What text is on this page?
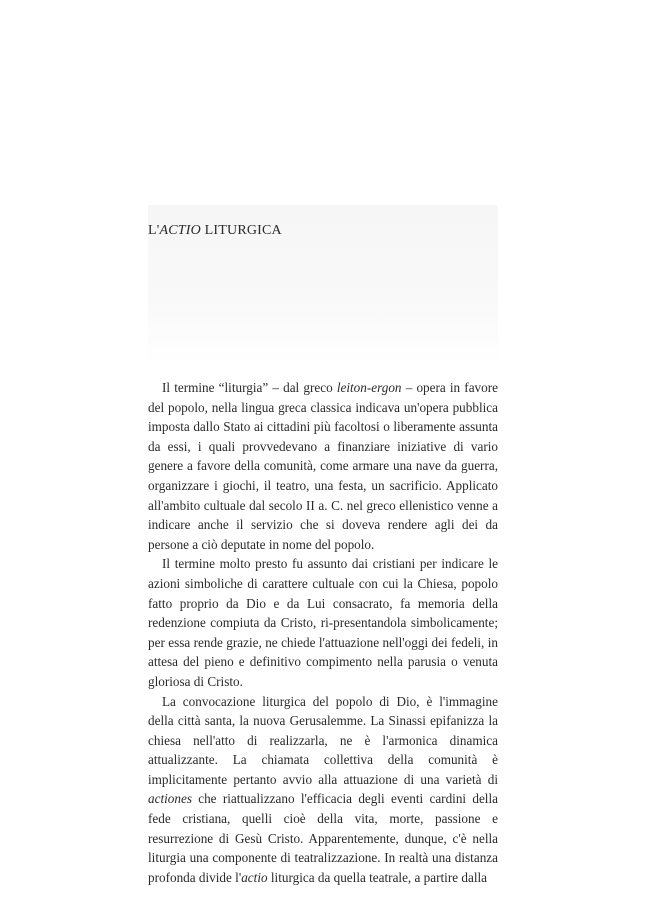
L'ACTIO LITURGICA

Il termine “liturgia” – dal greco leiton-ergon – opera in favore del popolo, nella lingua greca classica indicava un'opera pubblica imposta dallo Stato ai cittadini più facoltosi o liberamente assunta da essi, i quali provvedevano a finanziare iniziative di vario genere a favore della comunità, come armare una nave da guerra, organizzare i giochi, il teatro, una festa, un sacrificio. Applicato all'ambito cultuale dal secolo II a. C. nel greco ellenistico venne a indicare anche il servizio che si doveva rendere agli dei da persone a ciò deputate in nome del popolo.

Il termine molto presto fu assunto dai cristiani per indicare le azioni simboliche di carattere cultuale con cui la Chiesa, popolo fatto proprio da Dio e da Lui consacrato, fa memoria della redenzione compiuta da Cristo, ri-presentandola simbolicamente; per essa rende grazie, ne chiede l'attuazione nell'oggi dei fedeli, in attesa del pieno e definitivo compimento nella parusia o venuta gloriosa di Cristo.

La convocazione liturgica del popolo di Dio, è l'immagine della città santa, la nuova Gerusalemme. La Sinassi epifanizza la chiesa nell'atto di realizzarla, ne è l'armonica dinamica attualizzante. La chiamata collettiva della comunità è implicitamente pertanto avvio alla attuazione di una varietà di actiones che riattualizzano l'efficacia degli eventi cardini della fede cristiana, quelli cioè della vita, morte, passione e resurrezione di Gesù Cristo. Apparentemente, dunque, c'è nella liturgia una componente di teatralizzazione. In realtà una distanza profonda divide l'actio liturgica da quella teatrale, a partire dalla
